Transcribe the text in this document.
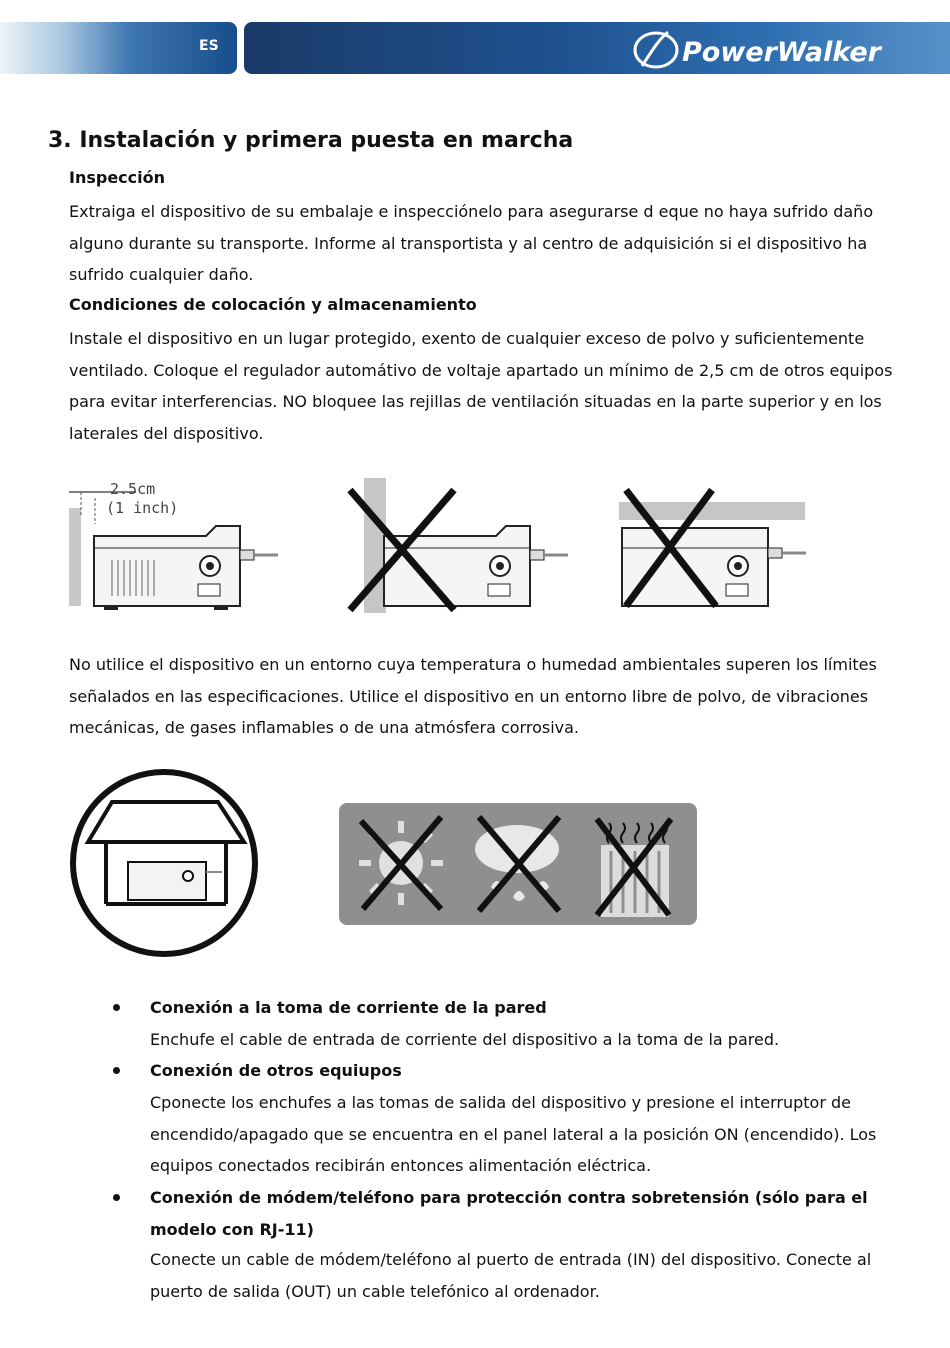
ES	PowerWalker
3. Instalación y primera puesta en marcha
Inspección
Extraiga el dispositivo de su embalaje e inspecciónelo para asegurarse d eque no haya sufrido daño alguno durante su transporte. Informe al transportista y al centro de adquisición si el dispositivo ha sufrido cualquier daño.
Condiciones de colocación y almacenamiento
Instale el dispositivo en un lugar protegido, exento de cualquier exceso de polvo y suficientemente ventilado. Coloque el regulador automátivo de voltaje apartado un mínimo de 2,5 cm de otros equipos para evitar interferencias. NO bloquee las rejillas de ventilación situadas en la parte superior y en los laterales del dispositivo.
2.5cm
(1 inch)
No utilice el dispositivo en un entorno cuya temperatura o humedad ambientales superen los límites señalados en las especificaciones. Utilice el dispositivo en un entorno libre de polvo, de vibraciones mecánicas, de gases inflamables o de una atmósfera corrosiva.
Conexión a la toma de corriente de la pared
Enchufe el cable de entrada de corriente del dispositivo a la toma de la pared.
Conexión de otros equiupos
Cponecte los enchufes a las tomas de salida del dispositivo y presione el interruptor de encendido/apagado que se encuentra en el panel lateral a la posición ON (encendido). Los equipos conectados recibirán entonces alimentación eléctrica.
Conexión de módem/teléfono para protección contra sobretensión (sólo para el modelo con RJ-11)
Conecte un cable de módem/teléfono al puerto de entrada (IN) del dispositivo. Conecte al puerto de salida (OUT) un cable telefónico al ordenador.
